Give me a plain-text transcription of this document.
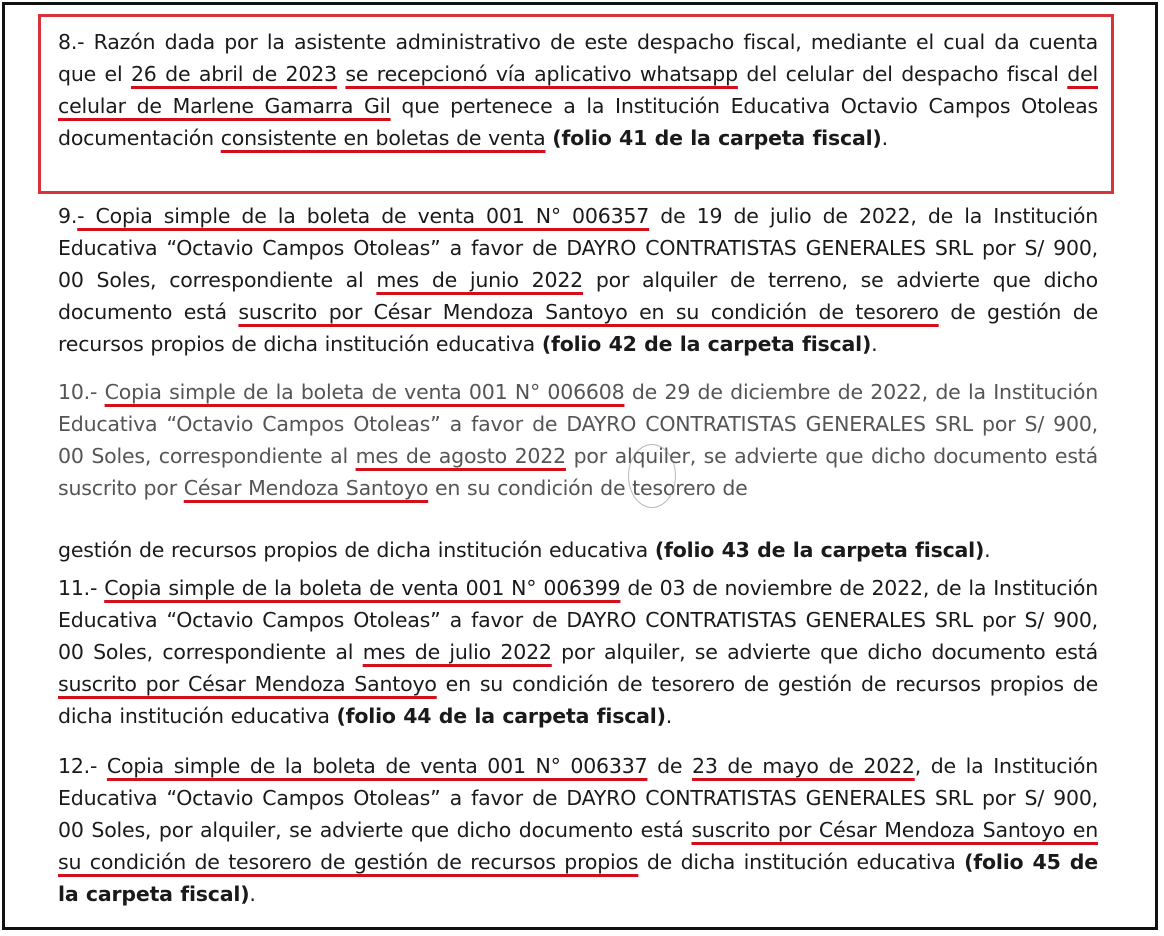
8.- Razón dada por la asistente administrativo de este despacho fiscal, mediante el cual da cuenta que el 26 de abril de 2023 se recepcionó vía aplicativo whatsapp del celular del despacho fiscal del celular de Marlene Gamarra Gil que pertenece a la Institución Educativa Octavio Campos Otoleas documentación consistente en boletas de venta (folio 41 de la carpeta fiscal).
9.- Copia simple de la boleta de venta 001 N° 006357 de 19 de julio de 2022, de la Institución Educativa “Octavio Campos Otoleas” a favor de DAYRO CONTRATISTAS GENERALES SRL por S/ 900, 00 Soles, correspondiente al mes de junio 2022 por alquiler de terreno, se advierte que dicho documento está suscrito por César Mendoza Santoyo en su condición de tesorero de gestión de recursos propios de dicha institución educativa (folio 42 de la carpeta fiscal).
10.- Copia simple de la boleta de venta 001 N° 006608 de 29 de diciembre de 2022, de la Institución Educativa “Octavio Campos Otoleas” a favor de DAYRO CONTRATISTAS GENERALES SRL por S/ 900, 00 Soles, correspondiente al mes de agosto 2022 por alquiler, se advierte que dicho documento está suscrito por César Mendoza Santoyo en su condición de tesorero de
gestión de recursos propios de dicha institución educativa (folio 43 de la carpeta fiscal).
11.- Copia simple de la boleta de venta 001 N° 006399 de 03 de noviembre de 2022, de la Institución Educativa “Octavio Campos Otoleas” a favor de DAYRO CONTRATISTAS GENERALES SRL por S/ 900, 00 Soles, correspondiente al mes de julio 2022 por alquiler, se advierte que dicho documento está suscrito por César Mendoza Santoyo en su condición de tesorero de gestión de recursos propios de dicha institución educativa (folio 44 de la carpeta fiscal).
12.- Copia simple de la boleta de venta 001 N° 006337 de 23 de mayo de 2022, de la Institución Educativa “Octavio Campos Otoleas” a favor de DAYRO CONTRATISTAS GENERALES SRL por S/ 900, 00 Soles, por alquiler, se advierte que dicho documento está suscrito por César Mendoza Santoyo en su condición de tesorero de gestión de recursos propios de dicha institución educativa (folio 45 de la carpeta fiscal).
